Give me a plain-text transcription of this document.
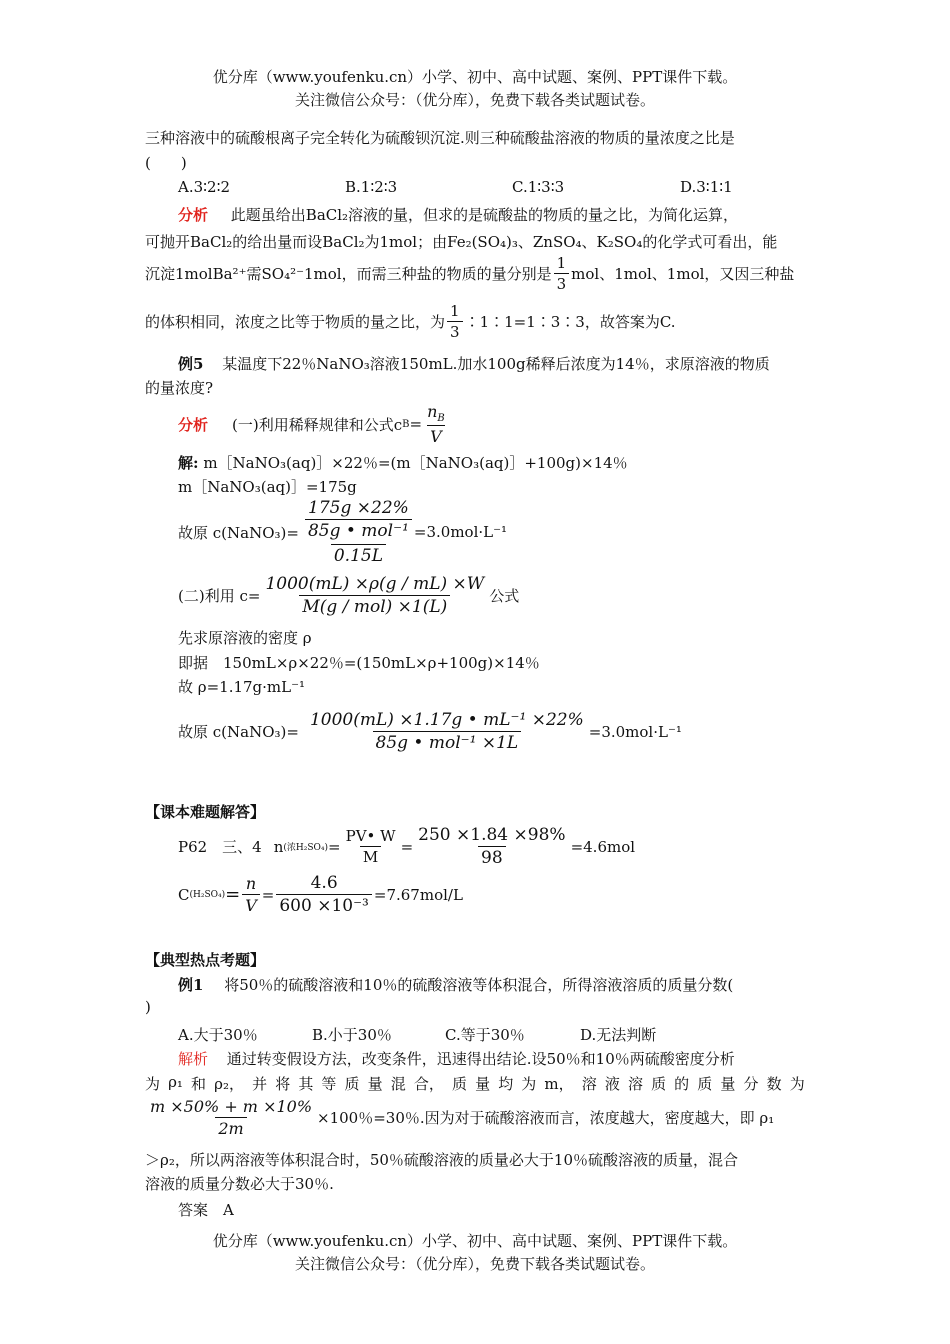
优分库（www.youfenku.cn）小学、初中、高中试题、案例、PPT课件下载。
关注微信公众号：（优分库），免费下载各类试题试卷。
三种溶液中的硫酸根离子完全转化为硫酸钡沉淀.则三种硫酸盐溶液的物质的量浓度之比是
(　　)
A.3∶2∶2	B.1∶2∶3	C.1∶3∶3	D.3∶1∶1
分析 此题虽给出BaCl₂溶液的量，但求的是硫酸盐的物质的量之比，为简化运算，
可抛开BaCl₂的给出量而设BaCl₂为1mol；由Fe₂(SO₄)₃、ZnSO₄、K₂SO₄的化学式可看出，能
沉淀1molBa²⁺需SO₄²⁻1mol，而需三种盐的物质的量分别是 $\frac{1}{3}$ mol、1mol、1mol，又因三种盐
的体积相同，浓度之比等于物质的量之比，为 $\frac{1}{3}$ ∶1∶1=1∶3∶3，故答案为C.
例5 某温度下22％NaNO₃溶液150mL.加水100g稀释后浓度为14％，求原溶液的物质
的量浓度?
分析 (一)利用稀释规律和公式c $B = \frac{n_B}{V}$
解: m［NaNO₃(aq)］×22％=(m［NaNO₃(aq)］+100g)×14％
m［NaNO₃(aq)］=175g
故原 c(NaNO₃)=
175g ×22%
85g • mol⁻¹
0.15L
=3.0mol·L⁻¹
(二)利用 $c= \frac{1000(mL) \times\rho(g / mL) \times W}{\text{M(g / mol) ×1(L)}}$ 公式
先求原溶液的密度 ρ
即据　150mL×ρ×22％=(150mL×ρ+100g)×14％
故 ρ=1.17g·mL⁻¹
故原 c(NaNO₃)= $\frac{\text{1000(mL) ×1.17g • mL⁻¹ ×22\%}}{\text{85g • mol⁻¹ ×1L}} =3.0mol\cdot L^{-1}$
【课本难题解答】
P62　三、4 n (浓$H_2SO_4) = \frac{PV• W}{M} = \frac{250 \times 1.84 \times 98\%}{98} =4.6mol$
C $(H_2SO_4) = \frac{n}{V} = \frac{4.6}{\text{600 ×10⁻³}} =7.67mol/L$
【典型热点考题】
例1 将50％的硫酸溶液和10％的硫酸溶液等体积混合，所得溶液溶质的质量分数(
)
A.大于30％	B.小于30％	C.等于30％	D.无法判断
解析 通过转变假设方法，改变条件，迅速得出结论.设50％和10％两硫酸密度分析
为 ρ₁ 和 ρ₂， 并 将 其 等 质 量 混 合， 质 量 均 为 m， 溶 液 溶 质 的 质 量 分 数 为
$\frac{m \times 50\% + m \times 10\%}{2m} \times 100$％=30％.因为对于硫酸溶液而言，浓度越大，密度越大，即 ρ₁
＞ρ₂，所以两溶液等体积混合时，50％硫酸溶液的质量必大于10％硫酸溶液的质量，混合
溶液的质量分数必大于30％.
答案　A
优分库（www.youfenku.cn）小学、初中、高中试题、案例、PPT课件下载。
关注微信公众号：（优分库），免费下载各类试题试卷。
